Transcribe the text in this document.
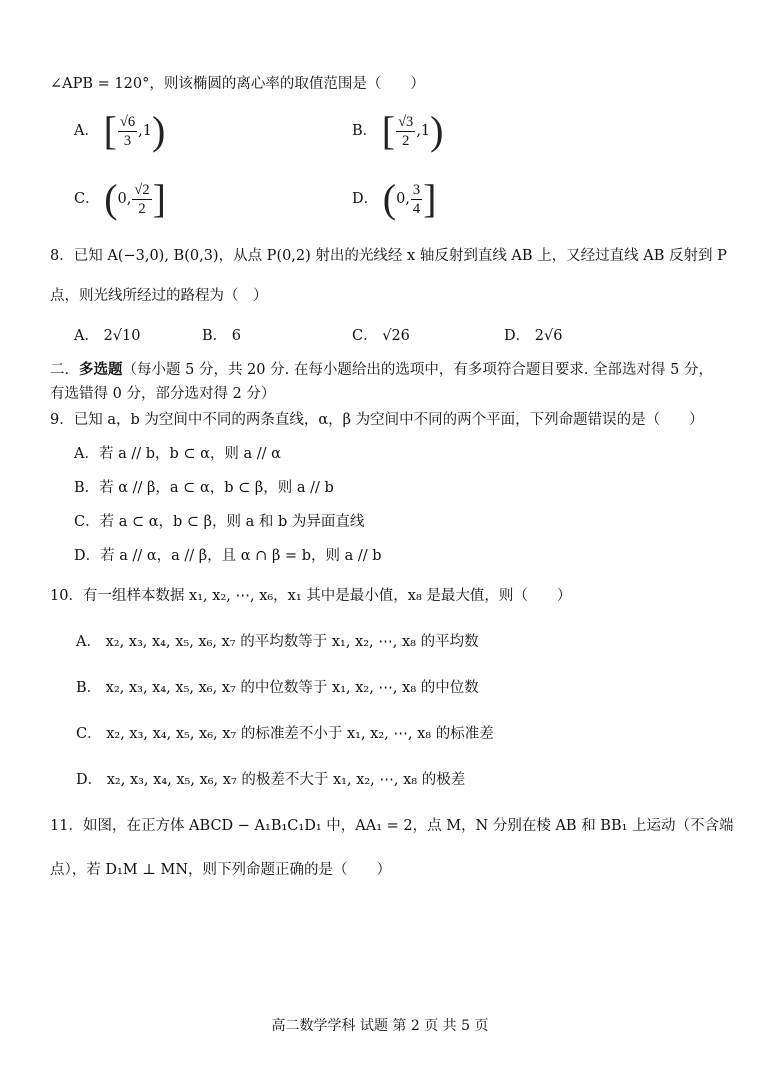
∠APB = 120°，则该椭圆的离心率的取值范围是（　　）
A． [ $\frac{√6}{3} ,1$ )	B． [ $\frac{√3}{2} ,1$ )
C． ( 0, $\frac{√2}{2}$ ]	D． ( 0, $\frac{3}{4}$ ]
8．已知 A(−3,0), B(0,3)，从点 P(0,2) 射出的光线经 x 轴反射到直线 AB 上，又经过直线 AB 反射到 P
点，则光线所经过的路程为（　）
A． 2√10	B． 6	C． √26	D． 2√6
二．多选题（每小题 5 分，共 20 分. 在每小题给出的选项中，有多项符合题目要求. 全部选对得 5 分，
有选错得 0 分，部分选对得 2 分）
9．已知 a，b 为空间中不同的两条直线，α，β 为空间中不同的两个平面，下列命题错误的是（　　）
A．若 a // b，b ⊂ α，则 a // α
B．若 α // β，a ⊂ α，b ⊂ β，则 a // b
C．若 a ⊂ α，b ⊂ β，则 a 和 b 为异面直线
D．若 a // α，a // β，且 α ∩ β = b，则 a // b
10．有一组样本数据 x₁, x₂, ⋯, x₆，x₁ 其中是最小值，x₈ 是最大值，则（　　）
A． x₂, x₃, x₄, x₅, x₆, x₇ 的平均数等于 x₁, x₂, ⋯, x₈ 的平均数
B． x₂, x₃, x₄, x₅, x₆, x₇ 的中位数等于 x₁, x₂, ⋯, x₈ 的中位数
C． x₂, x₃, x₄, x₅, x₆, x₇ 的标准差不小于 x₁, x₂, ⋯, x₈ 的标准差
D． x₂, x₃, x₄, x₅, x₆, x₇ 的极差不大于 x₁, x₂, ⋯, x₈ 的极差
11．如图，在正方体 ABCD − A₁B₁C₁D₁ 中，AA₁ = 2，点 M，N 分别在棱 AB 和 BB₁ 上运动（不含端
点），若 D₁M ⊥ MN，则下列命题正确的是（　　）
高二数学学科 试题 第 2 页 共 5 页
